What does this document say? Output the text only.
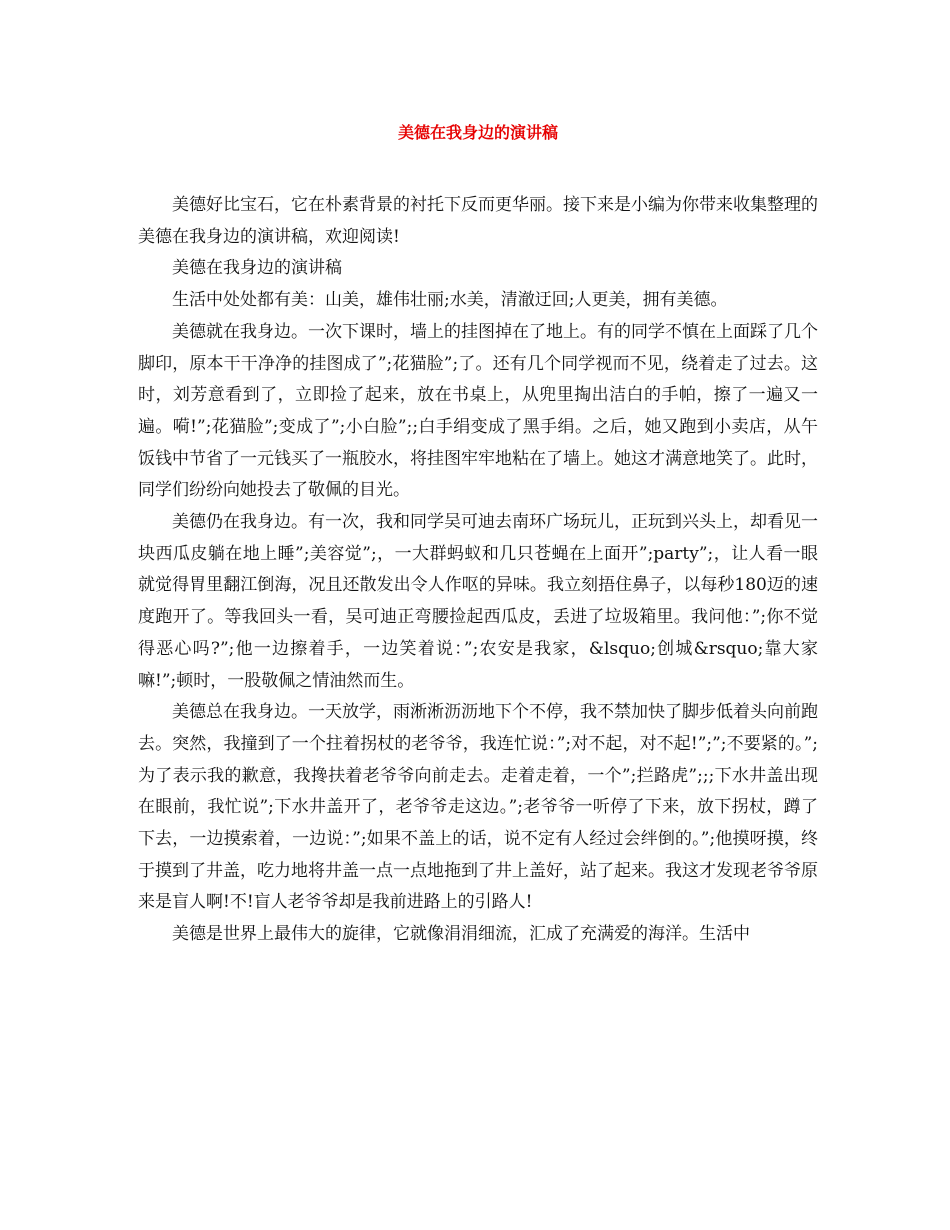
美德在我身边的演讲稿

美德好比宝石，它在朴素背景的衬托下反而更华丽。接下来是小编为你带来收集整理的美德在我身边的演讲稿，欢迎阅读!

美德在我身边的演讲稿

生活中处处都有美：山美，雄伟壮丽;水美，清澈迂回;人更美，拥有美德。

美德就在我身边。一次下课时，墙上的挂图掉在了地上。有的同学不慎在上面踩了几个脚印，原本干干净净的挂图成了”;花猫脸”;了。还有几个同学视而不见，绕着走了过去。这时，刘芳意看到了，立即捡了起来，放在书桌上，从兜里掏出洁白的手帕，擦了一遍又一遍。嗬!”;花猫脸”;变成了”;小白脸”;;白手绢变成了黑手绢。之后，她又跑到小卖店，从午饭钱中节省了一元钱买了一瓶胶水，将挂图牢牢地粘在了墙上。她这才满意地笑了。此时，同学们纷纷向她投去了敬佩的目光。

美德仍在我身边。有一次，我和同学吴可迪去南环广场玩儿，正玩到兴头上，却看见一块西瓜皮躺在地上睡”;美容觉”;，一大群蚂蚁和几只苍蝇在上面开”;party”;，让人看一眼就觉得胃里翻江倒海，况且还散发出令人作呕的异味。我立刻捂住鼻子，以每秒180迈的速度跑开了。等我回头一看，吴可迪正弯腰捡起西瓜皮，丢进了垃圾箱里。我问他：”;你不觉得恶心吗?”;他一边擦着手，一边笑着说：”;农安是我家，&lsquo;创城&rsquo;靠大家嘛!”;顿时，一股敬佩之情油然而生。

美德总在我身边。一天放学，雨淅淅沥沥地下个不停，我不禁加快了脚步低着头向前跑去。突然，我撞到了一个拄着拐杖的老爷爷，我连忙说：”;对不起，对不起!”;”;不要紧的。”;为了表示我的歉意，我搀扶着老爷爷向前走去。走着走着，一个”;拦路虎”;;;下水井盖出现在眼前，我忙说”;下水井盖开了，老爷爷走这边。”;老爷爷一听停了下来，放下拐杖，蹲了下去，一边摸索着，一边说：”;如果不盖上的话，说不定有人经过会绊倒的。”;他摸呀摸，终于摸到了井盖，吃力地将井盖一点一点地拖到了井上盖好，站了起来。我这才发现老爷爷原来是盲人啊!不!盲人老爷爷却是我前进路上的引路人!

美德是世界上最伟大的旋律，它就像涓涓细流，汇成了充满爱的海洋。生活中
